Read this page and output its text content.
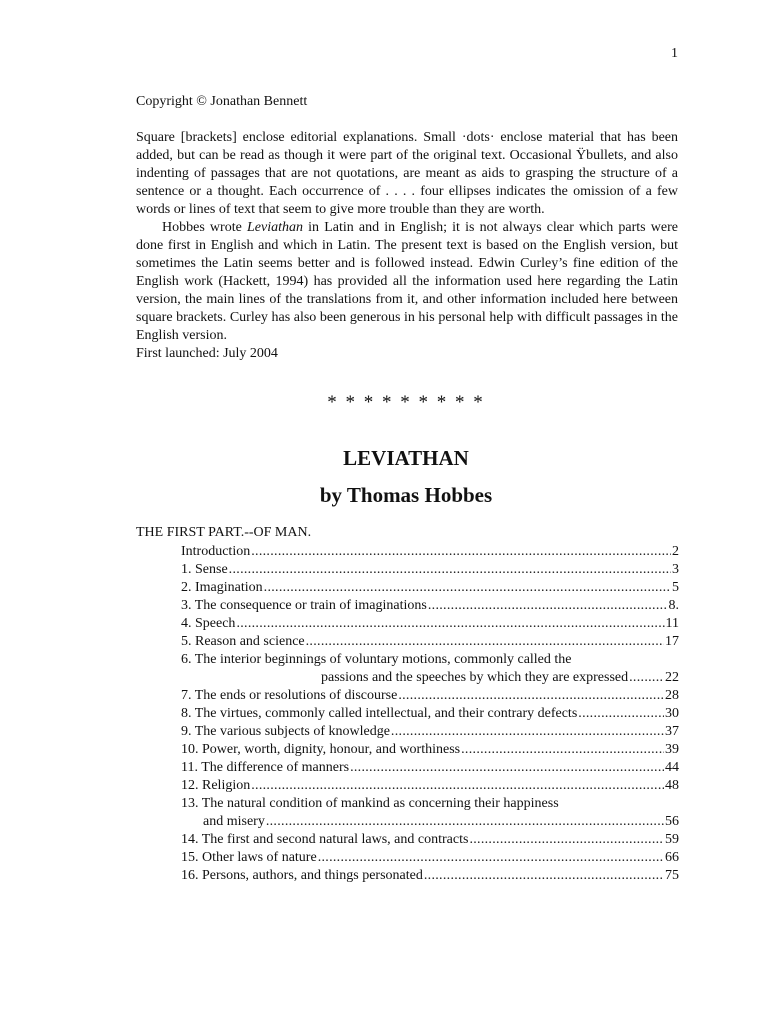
1
Copyright © Jonathan Bennett

Square [brackets] enclose editorial explanations. Small ·dots· enclose material that has been added, but can be read as though it were part of the original text. Occasional Ÿbullets, and also indenting of passages that are not quotations, are meant as aids to grasping the structure of a sentence or a thought. Each occurrence of . . . . four ellipses indicates the omission of a few words or lines of text that seem to give more trouble than they are worth.

Hobbes wrote Leviathan in Latin and in English; it is not always clear which parts were done first in English and which in Latin. The present text is based on the English version, but sometimes the Latin seems better and is followed instead. Edwin Curley’s fine edition of the English work (Hackett, 1994) has provided all the information used here regarding the Latin version, the main lines of the translations from it, and other information included here between square brackets. Curley has also been generous in his personal help with difficult passages in the English version.

First launched: July 2004

* * * * * * * * *
LEVIATHAN
by Thomas Hobbes
THE FIRST PART.--OF MAN.
Introduction .....	2
1. Sense .....	3
2. Imagination .....	5
3. The consequence or train of imaginations .....	8.
4. Speech .....	11
5. Reason and science .....	17
6. The interior beginnings of voluntary motions, commonly called the
passions and the speeches by which they are expressed .....	22
7. The ends or resolutions of discourse .....	28
8. The virtues, commonly called intellectual, and their contrary defects .....	30
9. The various subjects of knowledge .....	37
10. Power, worth, dignity, honour, and worthiness .....	39
11. The difference of manners .....	44
12. Religion .....	48
13. The natural condition of mankind as concerning their happiness
and misery .....	56
14. The first and second natural laws, and contracts .....	59
15. Other laws of nature .....	66
16. Persons, authors, and things personated .....	75
